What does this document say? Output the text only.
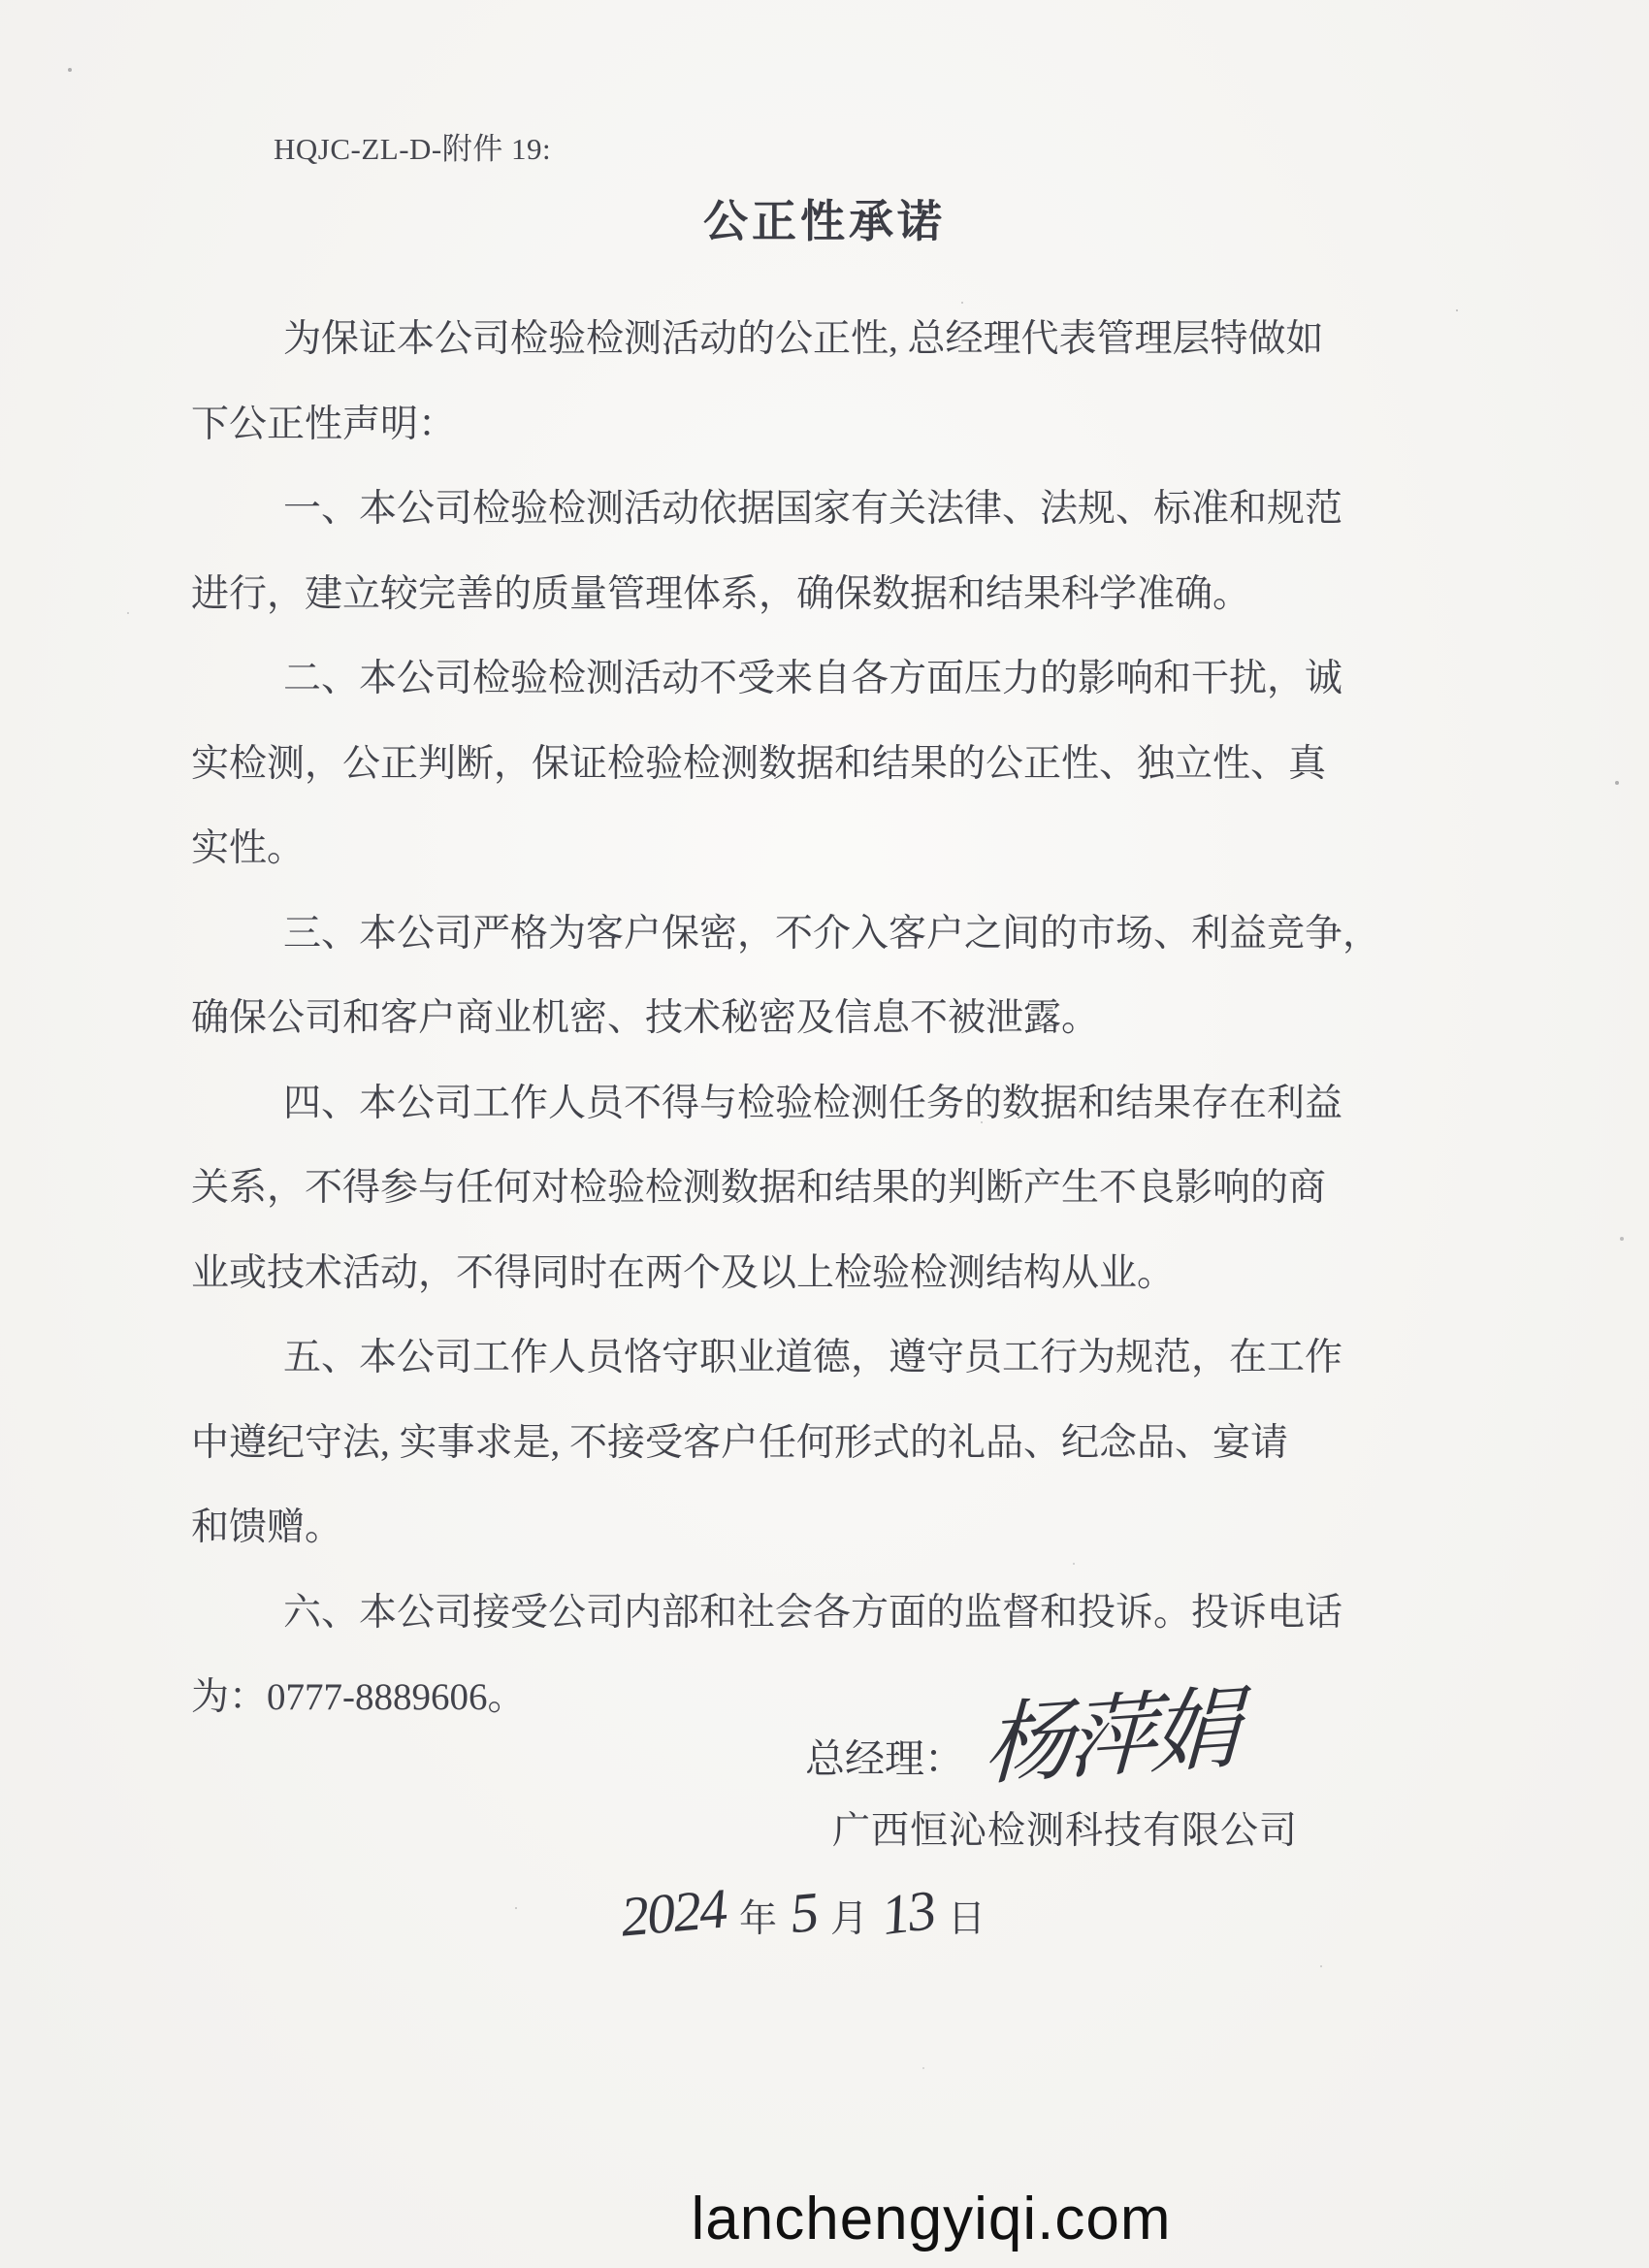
HQJC-ZL-D-附件 19:
公正性承诺
为保证本公司检验检测活动的公正性, 总经理代表管理层特做如
下公正性声明：
一、本公司检验检测活动依据国家有关法律、法规、标准和规范
进行，建立较完善的质量管理体系，确保数据和结果科学准确。
二、本公司检验检测活动不受来自各方面压力的影响和干扰，诚
实检测，公正判断，保证检验检测数据和结果的公正性、独立性、真
实性。
三、本公司严格为客户保密，不介入客户之间的市场、利益竞争，
确保公司和客户商业机密、技术秘密及信息不被泄露。
四、本公司工作人员不得与检验检测任务的数据和结果存在利益
关系，不得参与任何对检验检测数据和结果的判断产生不良影响的商
业或技术活动，不得同时在两个及以上检验检测结构从业。
五、本公司工作人员恪守职业道德，遵守员工行为规范，在工作
中遵纪守法, 实事求是, 不接受客户任何形式的礼品、纪念品、宴请
和馈赠。
六、本公司接受公司内部和社会各方面的监督和投诉。投诉电话
为：0777-8889606。
总经理： 杨萍娟
广西恒沁检测科技有限公司
2024 年 5 月 13 日
lanchengyiqi.com
